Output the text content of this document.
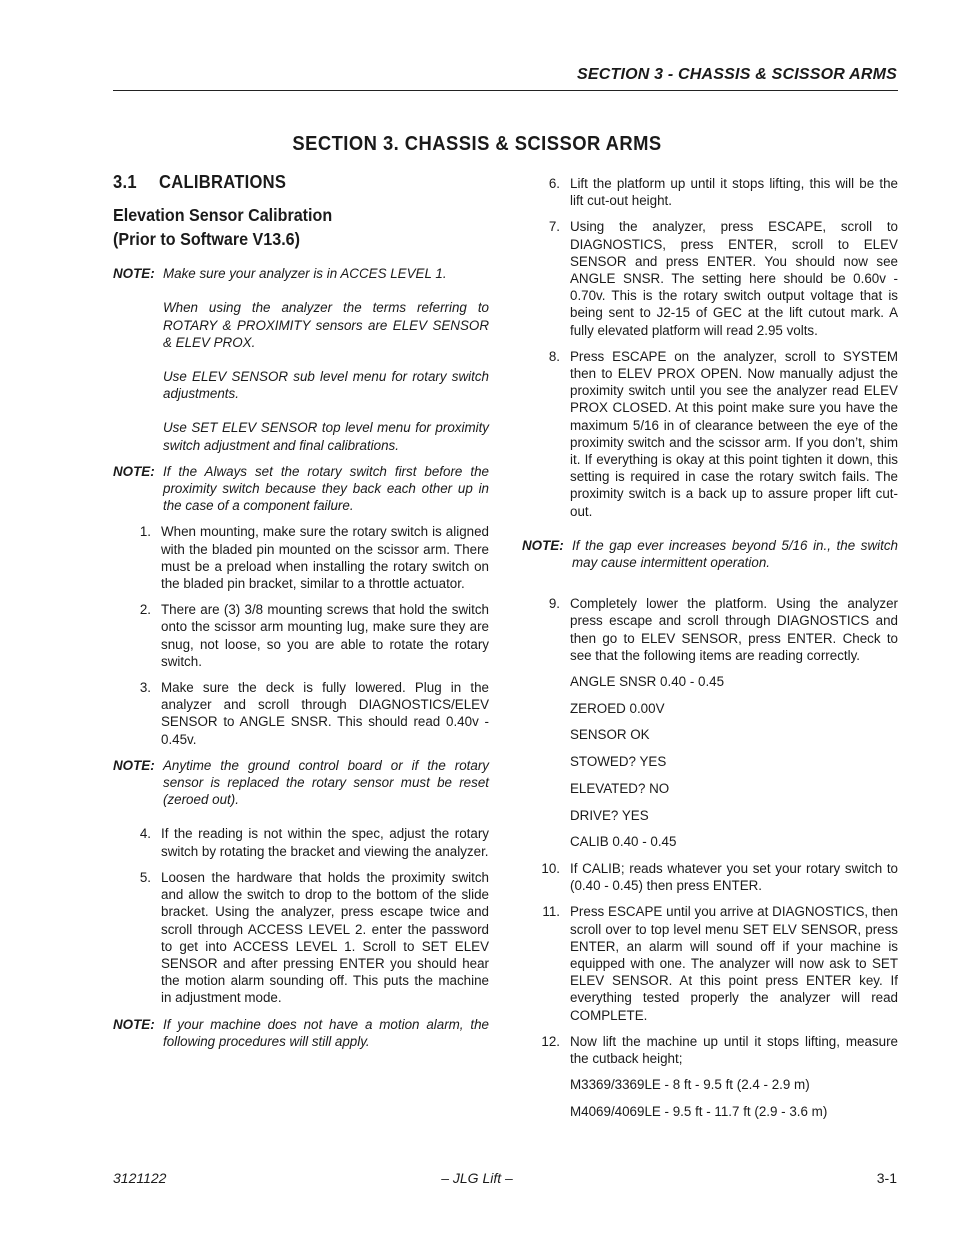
SECTION 3 - CHASSIS & SCISSOR ARMS
SECTION 3. CHASSIS & SCISSOR ARMS
3.1 CALIBRATIONS
Elevation Sensor Calibration
(Prior to Software V13.6)
NOTE: Make sure your analyzer is in ACCES LEVEL 1.

When using the analyzer the terms referring to ROTARY & PROXIMITY sensors are ELEV SENSOR & ELEV PROX.

Use ELEV SENSOR sub level menu for rotary switch adjustments.

Use SET ELEV SENSOR top level menu for proximity switch adjustment and final calibrations.

NOTE: If the Always set the rotary switch first before the proximity switch because they back each other up in the case of a component failure.

1. When mounting, make sure the rotary switch is aligned with the bladed pin mounted on the scissor arm. There must be a preload when installing the rotary switch on the bladed pin bracket, similar to a throttle actuator.
2. There are (3) 3/8 mounting screws that hold the switch onto the scissor arm mounting lug, make sure they are snug, not loose, so you are able to rotate the rotary switch.
3. Make sure the deck is fully lowered. Plug in the analyzer and scroll through DIAGNOSTICS/ELEV SENSOR to ANGLE SNSR. This should read 0.40v - 0.45v.
NOTE: Anytime the ground control board or if the rotary sensor is replaced the rotary sensor must be reset (zeroed out).

4. If the reading is not within the spec, adjust the rotary switch by rotating the bracket and viewing the analyzer.
5. Loosen the hardware that holds the proximity switch and allow the switch to drop to the bottom of the slide bracket. Using the analyzer, press escape twice and scroll through ACCESS LEVEL 2. enter the password to get into ACCESS LEVEL 1. Scroll to SET ELEV SENSOR and after pressing ENTER you should hear the motion alarm sounding off. This puts the machine in adjustment mode.
NOTE: If your machine does not have a motion alarm, the following procedures will still apply.

6. Lift the platform up until it stops lifting, this will be the lift cut-out height.
7. Using the analyzer, press ESCAPE, scroll to DIAGNOSTICS, press ENTER, scroll to ELEV SENSOR and press ENTER. You should now see ANGLE SNSR. The setting here should be 0.60v - 0.70v. This is the rotary switch output voltage that is being sent to J2-15 of GEC at the lift cutout mark. A fully elevated platform will read 2.95 volts.
8. Press ESCAPE on the analyzer, scroll to SYSTEM then to ELEV PROX OPEN. Now manually adjust the proximity switch until you see the analyzer read ELEV PROX CLOSED. At this point make sure you have the maximum 5/16 in of clearance between the eye of the proximity switch and the scissor arm. If you don’t, shim it. If everything is okay at this point tighten it down, this setting is required in case the rotary switch fails. The proximity switch is a back up to assure proper lift cut-out.
NOTE: If the gap ever increases beyond 5/16 in., the switch may cause intermittent operation.

9. Completely lower the platform. Using the analyzer press escape and scroll through DIAGNOSTICS and then go to ELEV SENSOR, press ENTER. Check to see that the following items are reading correctly.
ANGLE SNSR 0.40 - 0.45
ZEROED 0.00V
SENSOR OK
STOWED? YES
ELEVATED? NO
DRIVE? YES
CALIB 0.40 - 0.45
10. If CALIB; reads whatever you set your rotary switch to (0.40 - 0.45) then press ENTER.
11. Press ESCAPE until you arrive at DIAGNOSTICS, then scroll over to top level menu SET ELV SENSOR, press ENTER, an alarm will sound off if your machine is equipped with one. The analyzer will now ask to SET ELEV SENSOR. At this point press ENTER key. If everything tested properly the analyzer will read COMPLETE.
12. Now lift the machine up until it stops lifting, measure the cutback height;
M3369/3369LE - 8 ft - 9.5 ft (2.4 - 2.9 m)
M4069/4069LE - 9.5 ft - 11.7 ft (2.9 - 3.6 m)
3121122	– JLG Lift –	3-1
